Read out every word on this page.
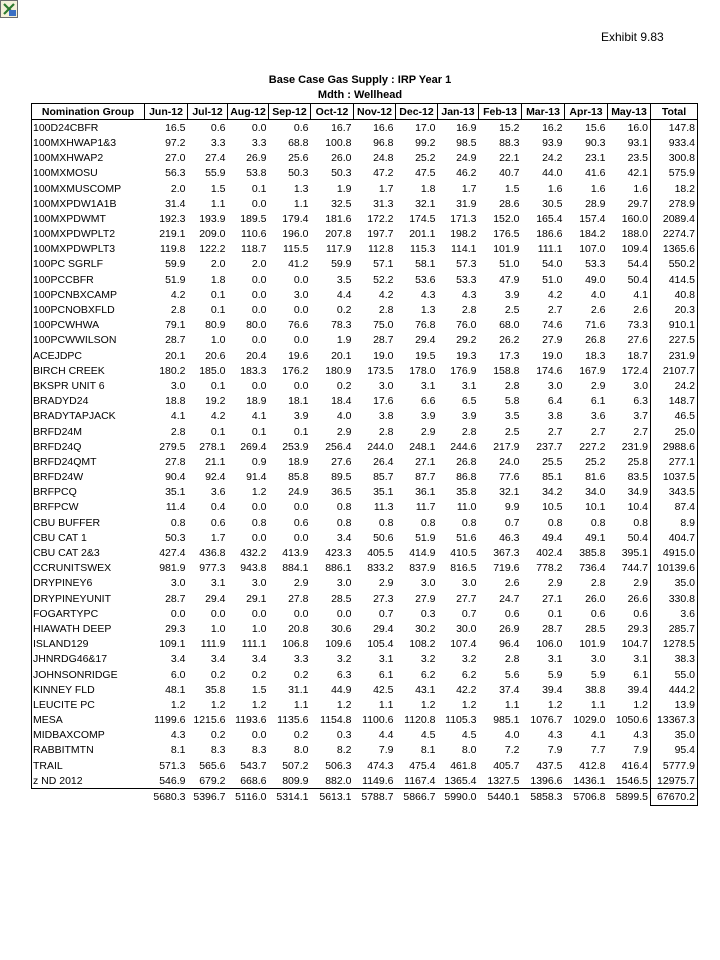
Exhibit 9.83
Base Case Gas Supply : IRP Year 1
Mdth : Wellhead
Nomination Group	Jun-12	Jul-12	Aug-12	Sep-12	Oct-12	Nov-12	Dec-12	Jan-13	Feb-13	Mar-13	Apr-13	May-13	Total
100D24CBFR	16.5	0.6	0.0	0.6	16.7	16.6	17.0	16.9	15.2	16.2	15.6	16.0	147.8
100MXHWAP1&3	97.2	3.3	3.3	68.8	100.8	96.8	99.2	98.5	88.3	93.9	90.3	93.1	933.4
100MXHWAP2	27.0	27.4	26.9	25.6	26.0	24.8	25.2	24.9	22.1	24.2	23.1	23.5	300.8
100MXMOSU	56.3	55.9	53.8	50.3	50.3	47.2	47.5	46.2	40.7	44.0	41.6	42.1	575.9
100MXMUSCOMP	2.0	1.5	0.1	1.3	1.9	1.7	1.8	1.7	1.5	1.6	1.6	1.6	18.2
100MXPDW1A1B	31.4	1.1	0.0	1.1	32.5	31.3	32.1	31.9	28.6	30.5	28.9	29.7	278.9
100MXPDWMT	192.3	193.9	189.5	179.4	181.6	172.2	174.5	171.3	152.0	165.4	157.4	160.0	2089.4
100MXPDWPLT2	219.1	209.0	110.6	196.0	207.8	197.7	201.1	198.2	176.5	186.6	184.2	188.0	2274.7
100MXPDWPLT3	119.8	122.2	118.7	115.5	117.9	112.8	115.3	114.1	101.9	111.1	107.0	109.4	1365.6
100PC SGRLF	59.9	2.0	2.0	41.2	59.9	57.1	58.1	57.3	51.0	54.0	53.3	54.4	550.2
100PCCBFR	51.9	1.8	0.0	0.0	3.5	52.2	53.6	53.3	47.9	51.0	49.0	50.4	414.5
100PCNBXCAMP	4.2	0.1	0.0	3.0	4.4	4.2	4.3	4.3	3.9	4.2	4.0	4.1	40.8
100PCNOBXFLD	2.8	0.1	0.0	0.0	0.2	2.8	1.3	2.8	2.5	2.7	2.6	2.6	20.3
100PCWHWA	79.1	80.9	80.0	76.6	78.3	75.0	76.8	76.0	68.0	74.6	71.6	73.3	910.1
100PCWWILSON	28.7	1.0	0.0	0.0	1.9	28.7	29.4	29.2	26.2	27.9	26.8	27.6	227.5
ACEJDPC	20.1	20.6	20.4	19.6	20.1	19.0	19.5	19.3	17.3	19.0	18.3	18.7	231.9
BIRCH CREEK	180.2	185.0	183.3	176.2	180.9	173.5	178.0	176.9	158.8	174.6	167.9	172.4	2107.7
BKSPR UNIT 6	3.0	0.1	0.0	0.0	0.2	3.0	3.1	3.1	2.8	3.0	2.9	3.0	24.2
BRADYD24	18.8	19.2	18.9	18.1	18.4	17.6	6.6	6.5	5.8	6.4	6.1	6.3	148.7
BRADYTAPJACK	4.1	4.2	4.1	3.9	4.0	3.8	3.9	3.9	3.5	3.8	3.6	3.7	46.5
BRFD24M	2.8	0.1	0.1	0.1	2.9	2.8	2.9	2.8	2.5	2.7	2.7	2.7	25.0
BRFD24Q	279.5	278.1	269.4	253.9	256.4	244.0	248.1	244.6	217.9	237.7	227.2	231.9	2988.6
BRFD24QMT	27.8	21.1	0.9	18.9	27.6	26.4	27.1	26.8	24.0	25.5	25.2	25.8	277.1
BRFD24W	90.4	92.4	91.4	85.8	89.5	85.7	87.7	86.8	77.6	85.1	81.6	83.5	1037.5
BRFPCQ	35.1	3.6	1.2	24.9	36.5	35.1	36.1	35.8	32.1	34.2	34.0	34.9	343.5
BRFPCW	11.4	0.4	0.0	0.0	0.8	11.3	11.7	11.0	9.9	10.5	10.1	10.4	87.4
CBU BUFFER	0.8	0.6	0.8	0.6	0.8	0.8	0.8	0.8	0.7	0.8	0.8	0.8	8.9
CBU CAT 1	50.3	1.7	0.0	0.0	3.4	50.6	51.9	51.6	46.3	49.4	49.1	50.4	404.7
CBU CAT 2&3	427.4	436.8	432.2	413.9	423.3	405.5	414.9	410.5	367.3	402.4	385.8	395.1	4915.0
CCRUNITSWEX	981.9	977.3	943.8	884.1	886.1	833.2	837.9	816.5	719.6	778.2	736.4	744.7	10139.6
DRYPINEY6	3.0	3.1	3.0	2.9	3.0	2.9	3.0	3.0	2.6	2.9	2.8	2.9	35.0
DRYPINEYUNIT	28.7	29.4	29.1	27.8	28.5	27.3	27.9	27.7	24.7	27.1	26.0	26.6	330.8
FOGARTYPC	0.0	0.0	0.0	0.0	0.0	0.7	0.3	0.7	0.6	0.1	0.6	0.6	3.6
HIAWATH DEEP	29.3	1.0	1.0	20.8	30.6	29.4	30.2	30.0	26.9	28.7	28.5	29.3	285.7
ISLAND129	109.1	111.9	111.1	106.8	109.6	105.4	108.2	107.4	96.4	106.0	101.9	104.7	1278.5
JHNRDG46&17	3.4	3.4	3.4	3.3	3.2	3.1	3.2	3.2	2.8	3.1	3.0	3.1	38.3
JOHNSONRIDGE	6.0	0.2	0.2	0.2	6.3	6.1	6.2	6.2	5.6	5.9	5.9	6.1	55.0
KINNEY FLD	48.1	35.8	1.5	31.1	44.9	42.5	43.1	42.2	37.4	39.4	38.8	39.4	444.2
LEUCITE PC	1.2	1.2	1.2	1.1	1.2	1.1	1.2	1.2	1.1	1.2	1.1	1.2	13.9
MESA	1199.6	1215.6	1193.6	1135.6	1154.8	1100.6	1120.8	1105.3	985.1	1076.7	1029.0	1050.6	13367.3
MIDBAXCOMP	4.3	0.2	0.0	0.2	0.3	4.4	4.5	4.5	4.0	4.3	4.1	4.3	35.0
RABBITMTN	8.1	8.3	8.3	8.0	8.2	7.9	8.1	8.0	7.2	7.9	7.7	7.9	95.4
TRAIL	571.3	565.6	543.7	507.2	506.3	474.3	475.4	461.8	405.7	437.5	412.8	416.4	5777.9
z ND 2012	546.9	679.2	668.6	809.9	882.0	1149.6	1167.4	1365.4	1327.5	1396.6	1436.1	1546.5	12975.7
	5680.3	5396.7	5116.0	5314.1	5613.1	5788.7	5866.7	5990.0	5440.1	5858.3	5706.8	5899.5	67670.2
